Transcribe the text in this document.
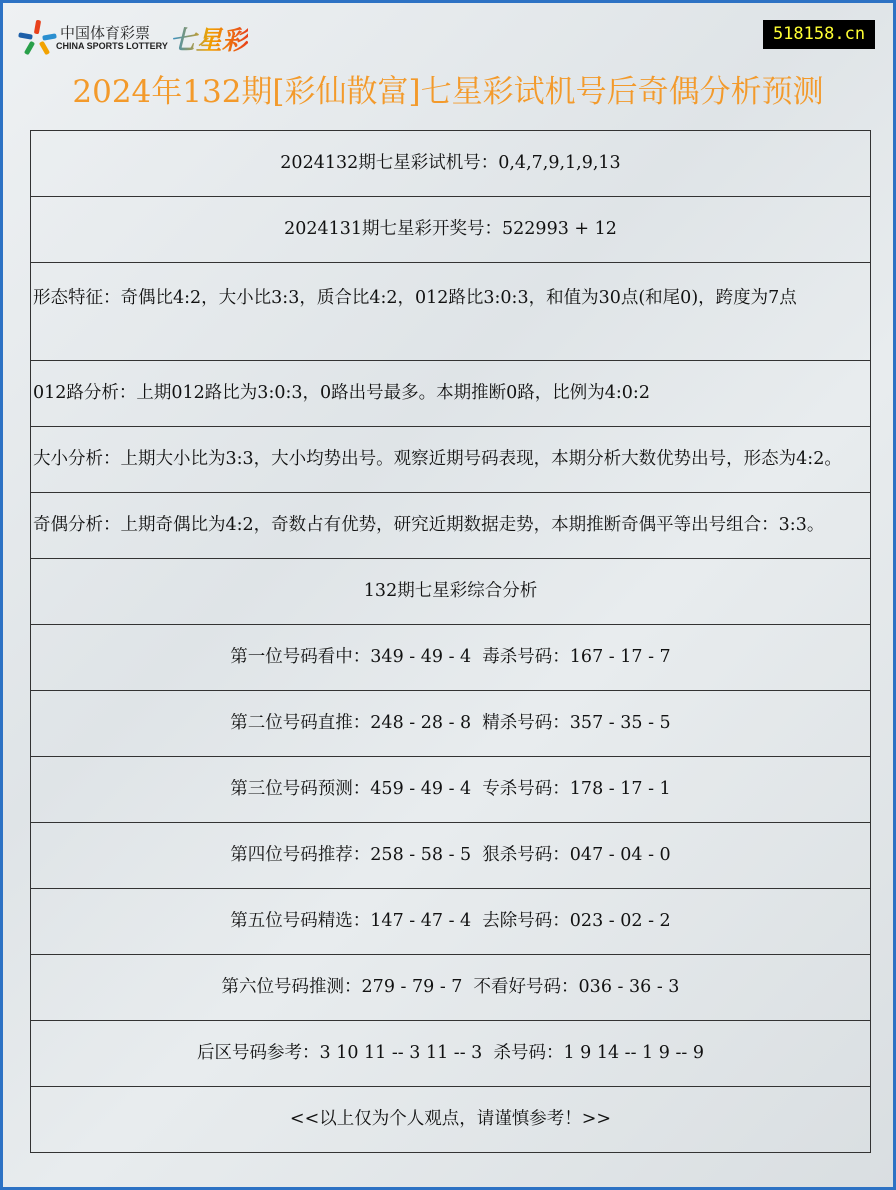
中国体育彩票
CHINA SPORTS LOTTERY 七星彩	518158.cn
2024年132期[彩仙散富]七星彩试机号后奇偶分析预测
2024132期七星彩试机号：0,4,7,9,1,9,13
2024131期七星彩开奖号：522993 + 12
形态特征：奇偶比4:2，大小比3:3，质合比4:2，012路比3:0:3，和值为30点(和尾0)，跨度为7点
012路分析：上期012路比为3:0:3，0路出号最多。本期推断0路，比例为4:0:2
大小分析：上期大小比为3:3，大小均势出号。观察近期号码表现，本期分析大数优势出号，形态为4:2。
奇偶分析：上期奇偶比为4:2，奇数占有优势，研究近期数据走势，本期推断奇偶平等出号组合：3:3。
132期七星彩综合分析
第一位号码看中：349 - 49 - 4  毒杀号码：167 - 17 - 7
第二位号码直推：248 - 28 - 8  精杀号码：357 - 35 - 5
第三位号码预测：459 - 49 - 4  专杀号码：178 - 17 - 1
第四位号码推荐：258 - 58 - 5  狠杀号码：047 - 04 - 0
第五位号码精选：147 - 47 - 4  去除号码：023 - 02 - 2
第六位号码推测：279 - 79 - 7  不看好号码：036 - 36 - 3
后区号码参考：3 10 11 -- 3 11 -- 3  杀号码：1 9 14 -- 1 9 -- 9
<<以上仅为个人观点，请谨慎参考！>>
